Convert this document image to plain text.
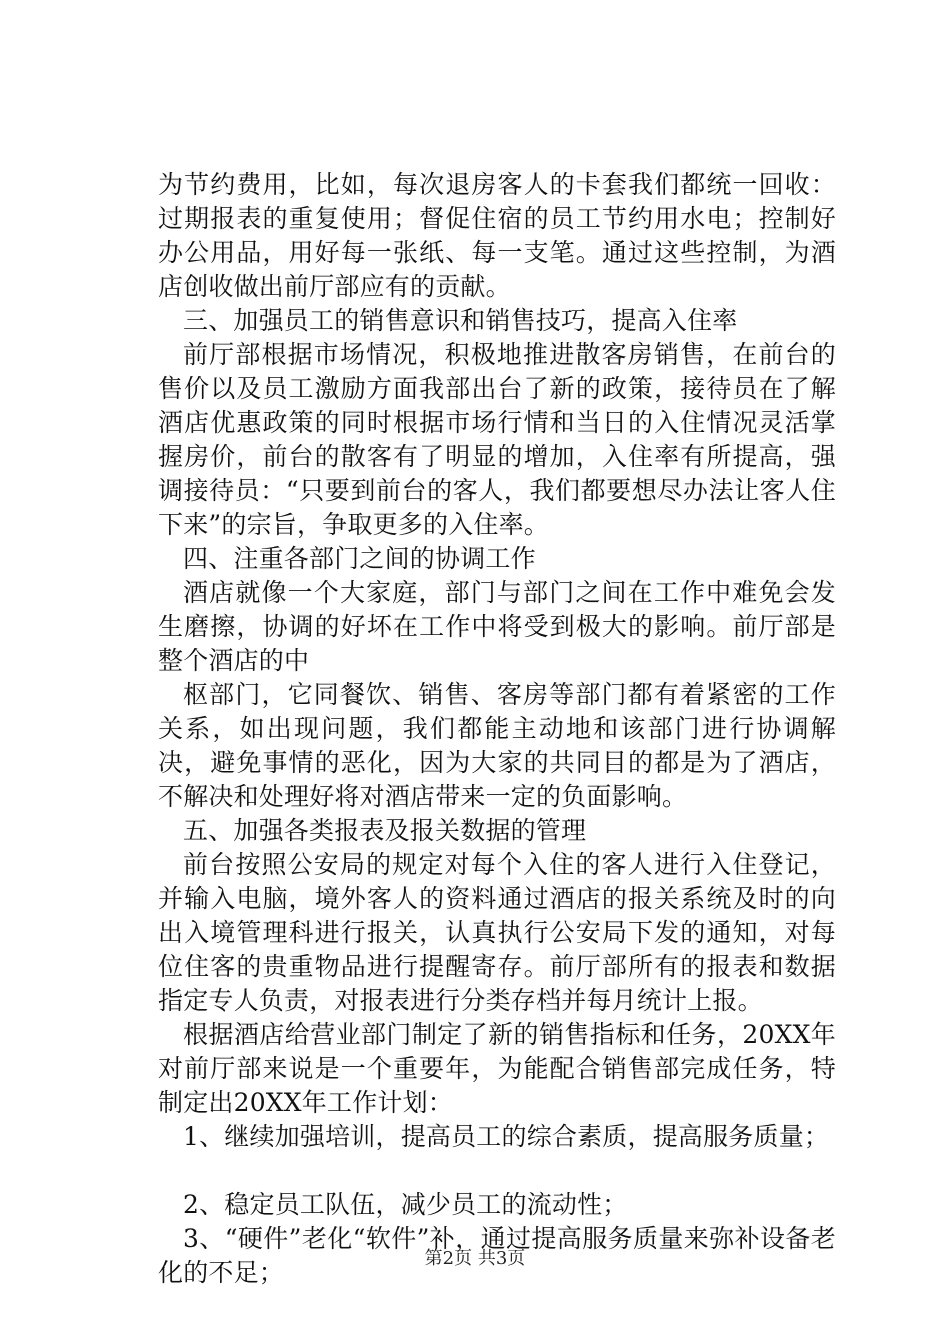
为节约费用，比如，每次退房客人的卡套我们都统一回收：过期报表的重复使用；督促住宿的员工节约用水电；控制好办公用品，用好每一张纸、每一支笔。通过这些控制，为酒店创收做出前厅部应有的贡献。

三、加强员工的销售意识和销售技巧，提高入住率

前厅部根据市场情况，积极地推进散客房销售，在前台的售价以及员工激励方面我部出台了新的政策，接待员在了解酒店优惠政策的同时根据市场行情和当日的入住情况灵活掌握房价，前台的散客有了明显的增加，入住率有所提高，强调接待员：“只要到前台的客人，我们都要想尽办法让客人住下来”的宗旨，争取更多的入住率。

四、注重各部门之间的协调工作

酒店就像一个大家庭，部门与部门之间在工作中难免会发生磨擦，协调的好坏在工作中将受到极大的影响。前厅部是整个酒店的中

枢部门，它同餐饮、销售、客房等部门都有着紧密的工作关系，如出现问题，我们都能主动地和该部门进行协调解决，避免事情的恶化，因为大家的共同目的都是为了酒店，不解决和处理好将对酒店带来一定的负面影响。

五、加强各类报表及报关数据的管理

前台按照公安局的规定对每个入住的客人进行入住登记，并输入电脑，境外客人的资料通过酒店的报关系统及时的向出入境管理科进行报关，认真执行公安局下发的通知，对每位住客的贵重物品进行提醒寄存。前厅部所有的报表和数据指定专人负责，对报表进行分类存档并每月统计上报。

根据酒店给营业部门制定了新的销售指标和任务，20XX年对前厅部来说是一个重要年，为能配合销售部完成任务，特制定出20XX年工作计划：

1、继续加强培训，提高员工的综合素质，提高服务质量；

2、稳定员工队伍，减少员工的流动性；

3、“硬件”老化“软件”补，通过提高服务质量来弥补设备老化的不足；	第2页 共3页
